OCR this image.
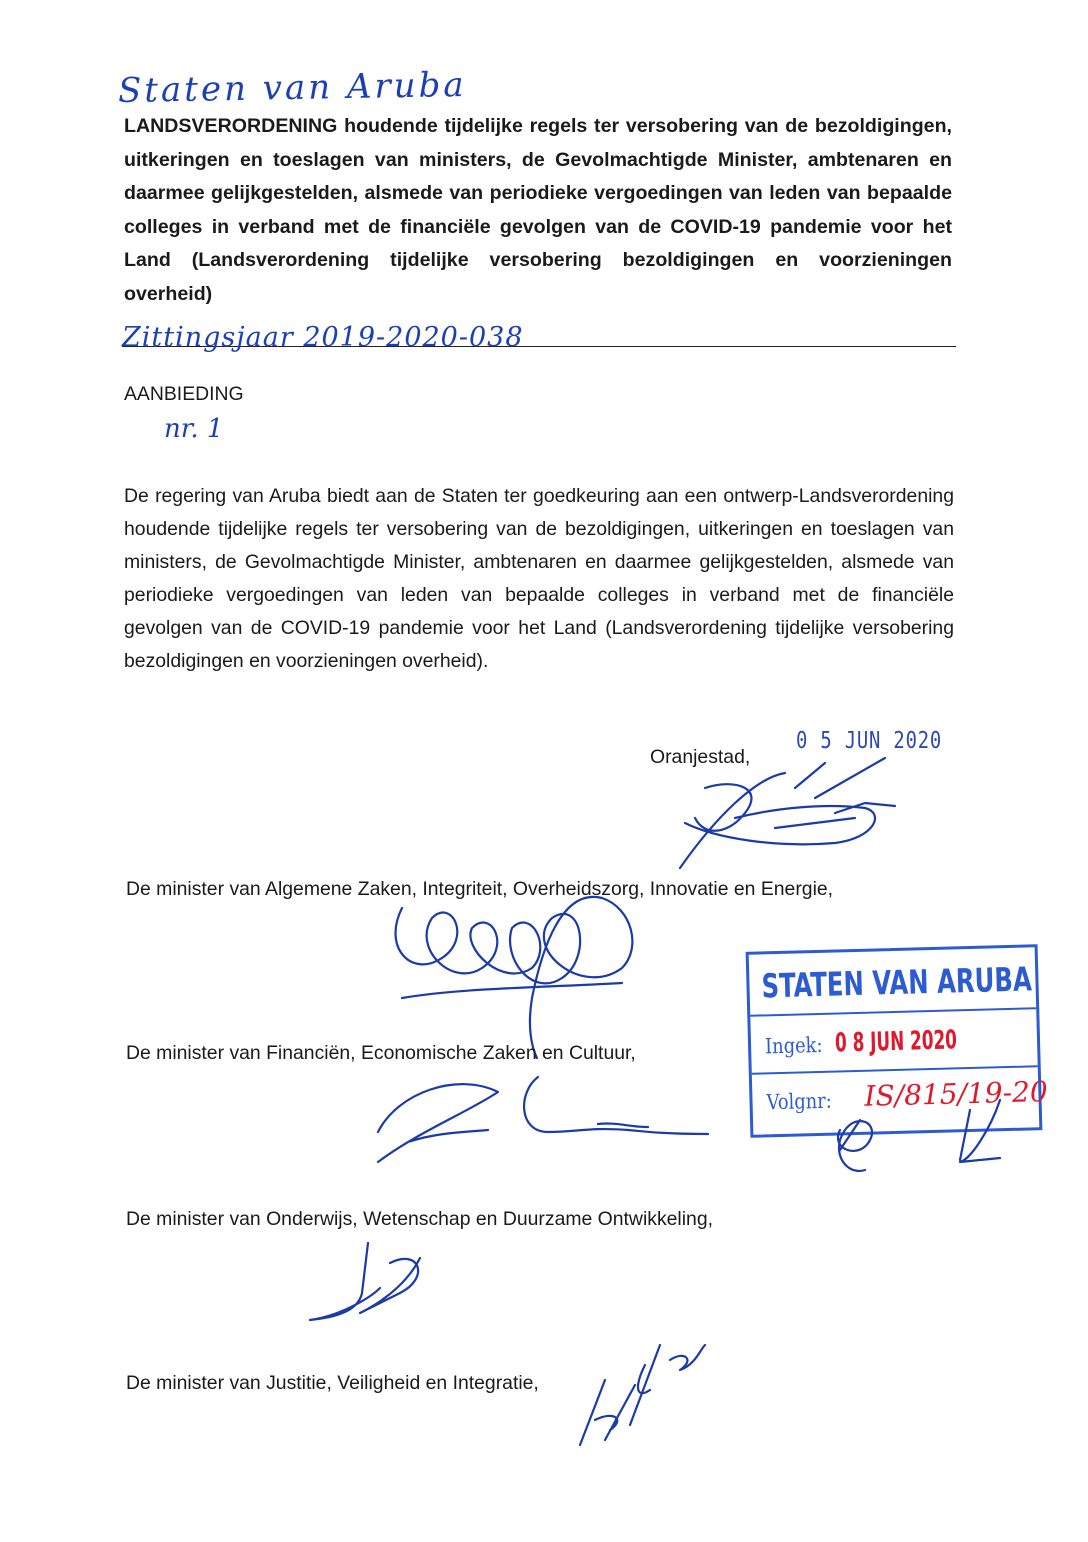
Staten van Aruba
LANDSVERORDENING houdende tijdelijke regels ter versobering van de bezoldigingen, uitkeringen en toeslagen van ministers, de Gevolmachtigde Minister, ambtenaren en daarmee gelijkgestelden, alsmede van periodieke vergoedingen van leden van bepaalde colleges in verband met de financiële gevolgen van de COVID-19 pandemie voor het Land (Landsverordening tijdelijke versobering bezoldigingen en voorzieningen overheid)
Zittingsjaar 2019-2020-038
AANBIEDING
nr. 1
De regering van Aruba biedt aan de Staten ter goedkeuring aan een ontwerp-Landsverordening houdende tijdelijke regels ter versobering van de bezoldigingen, uitkeringen en toeslagen van ministers, de Gevolmachtigde Minister, ambtenaren en daarmee gelijkgestelden, alsmede van periodieke vergoedingen van leden van bepaalde colleges in verband met de financiële gevolgen van de COVID-19 pandemie voor het Land (Landsverordening tijdelijke versobering bezoldigingen en voorzieningen overheid).
Oranjestad,
0 5 JUN 2020
De minister van Algemene Zaken, Integriteit, Overheidszorg, Innovatie en Energie,
De minister van Financiën, Economische Zaken en Cultuur,
STATEN VAN ARUBA
Ingek: 0 8 JUN 2020
Volgnr: IS/815/19-20
De minister van Onderwijs, Wetenschap en Duurzame Ontwikkeling,
De minister van Justitie, Veiligheid en Integratie,
